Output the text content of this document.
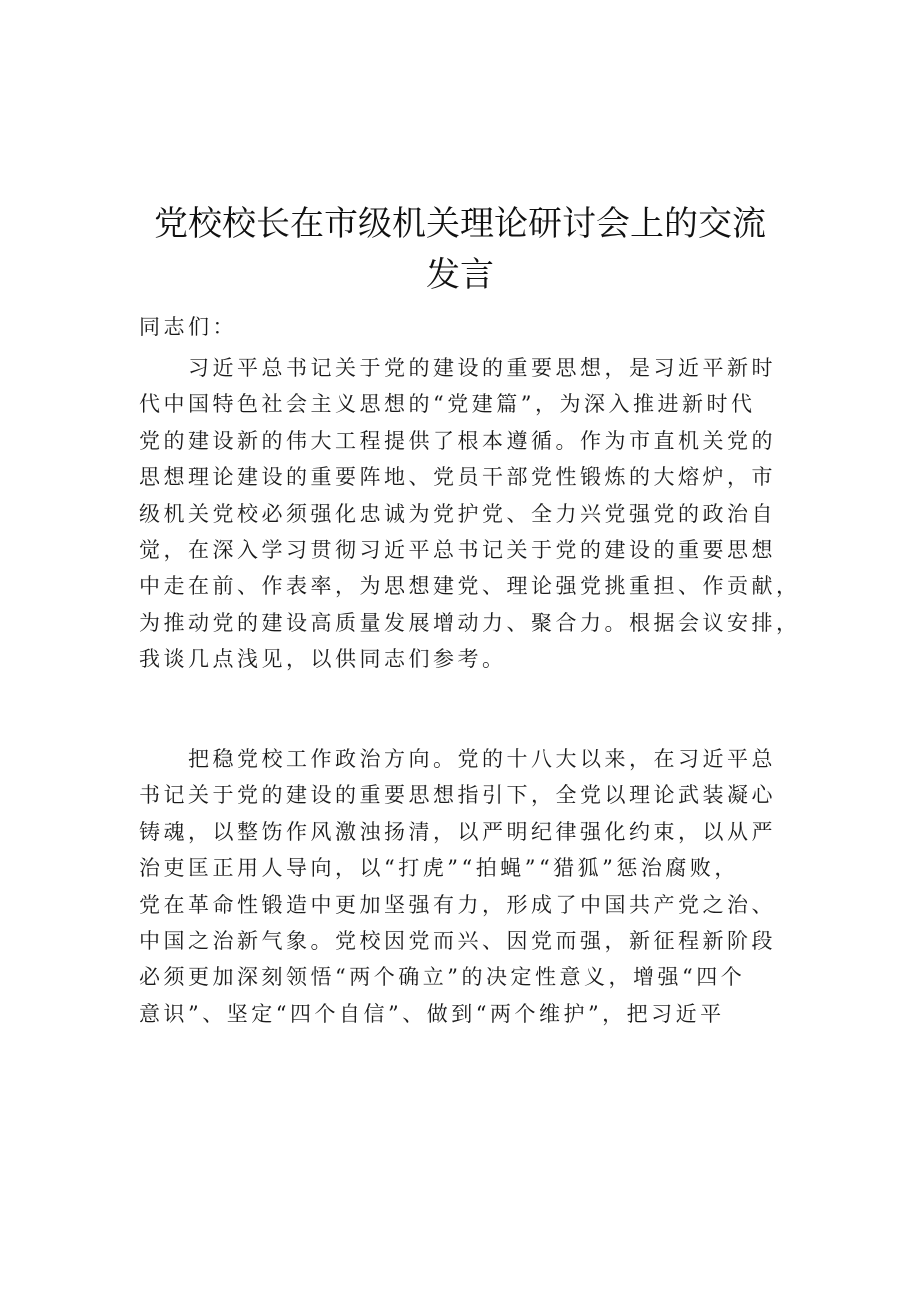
党校校长在市级机关理论研讨会上的交流
发言

同志们：

　　习近平总书记关于党的建设的重要思想，是习近平新时
代中国特色社会主义思想的“党建篇”，为深入推进新时代
党的建设新的伟大工程提供了根本遵循。作为市直机关党的
思想理论建设的重要阵地、党员干部党性锻炼的大熔炉，市
级机关党校必须强化忠诚为党护党、全力兴党强党的政治自
觉，在深入学习贯彻习近平总书记关于党的建设的重要思想
中走在前、作表率，为思想建党、理论强党挑重担、作贡献，
为推动党的建设高质量发展增动力、聚合力。根据会议安排，
我谈几点浅见，以供同志们参考。
　　把稳党校工作政治方向。党的十八大以来，在习近平总
书记关于党的建设的重要思想指引下，全党以理论武装凝心
铸魂，以整饬作风激浊扬清，以严明纪律强化约束，以从严
治吏匡正用人导向，以“打虎”“拍蝇”“猎狐”惩治腐败，
党在革命性锻造中更加坚强有力，形成了中国共产党之治、
中国之治新气象。党校因党而兴、因党而强，新征程新阶段
必须更加深刻领悟“两个确立”的决定性意义，增强“四个
意识”、坚定“四个自信”、做到“两个维护”，把习近平
